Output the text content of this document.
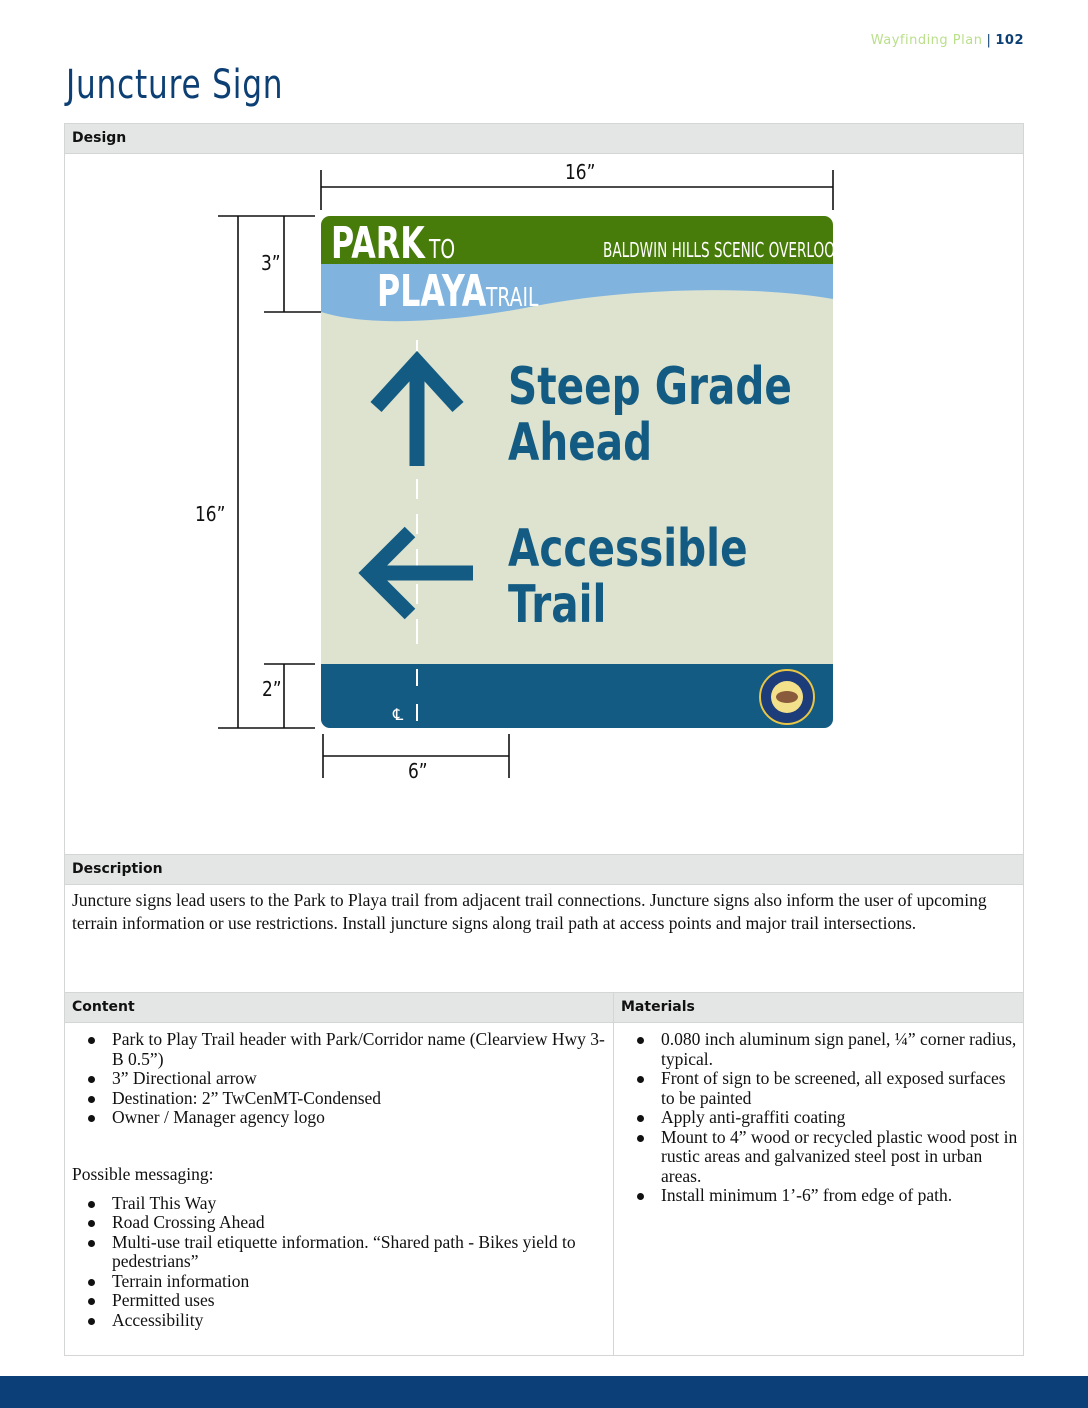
Wayfinding Plan | 102
Juncture Sign
Design
PARK TO
PLAYA TRAIL
BALDWIN HILLS SCENIC OVERLOOK
Steep Grade
Ahead
Accessible
Trail
℄
16”
16”
3”
2”
6”
Description

Juncture signs lead users to the Park to Playa trail from adjacent trail connections. Juncture signs also inform the user of upcoming terrain information or use restrictions. Install juncture signs along trail path at access points and major trail intersections.

Content
Park to Play Trail header with Park/Corridor name (Clearview Hwy 3-B 0.5”)
3” Directional arrow
Destination: 2” TwCenMT-Condensed
Owner / Manager agency logo
Possible messaging:
Trail This Way
Road Crossing Ahead
Multi-use trail etiquette information. “Shared path - Bikes yield to pedestrians”
Terrain information
Permitted uses
Accessibility
Materials
0.080 inch aluminum sign panel, ¼” corner radius, typical.
Front of sign to be screened, all exposed surfaces to be painted
Apply anti-graffiti coating
Mount to 4” wood or recycled plastic wood post in rustic areas and galvanized steel post in urban areas.
Install minimum 1’-6” from edge of path.
